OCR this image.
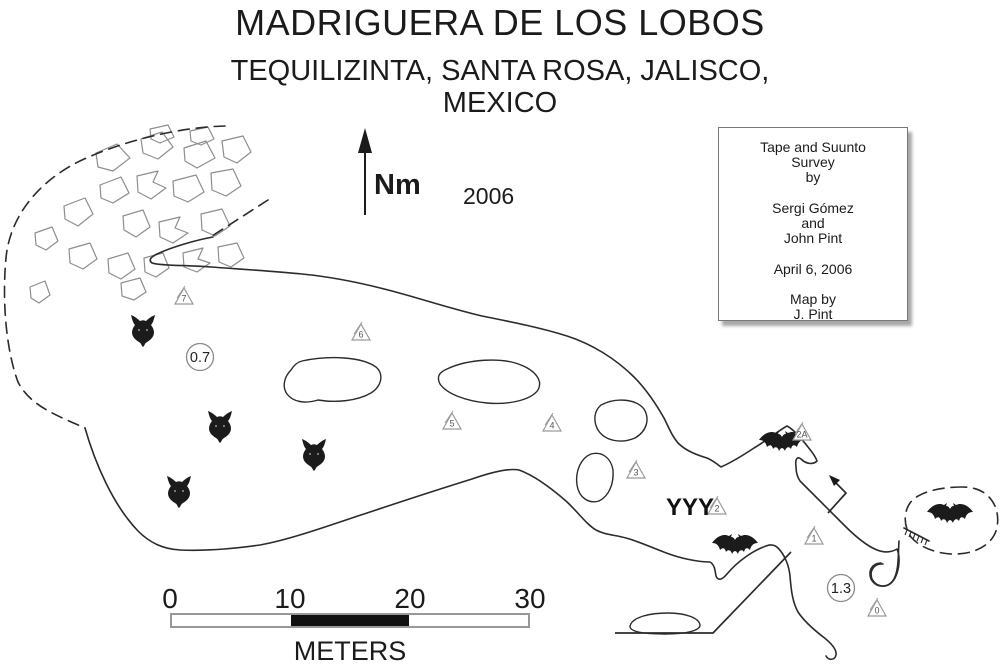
7
6
5	4
3
2A
2
1
0
0.7
1.3
YYY
MADRIGUERA DE LOS LOBOS
TEQUILIZINTA, SANTA ROSA, JALISCO,
MEXICO
Nm 2006
Tape and Suunto
Survey
by
Sergi Gómez
and
John Pint
April 6, 2006
Map by
J. Pint
0	10	20	30
METERS
